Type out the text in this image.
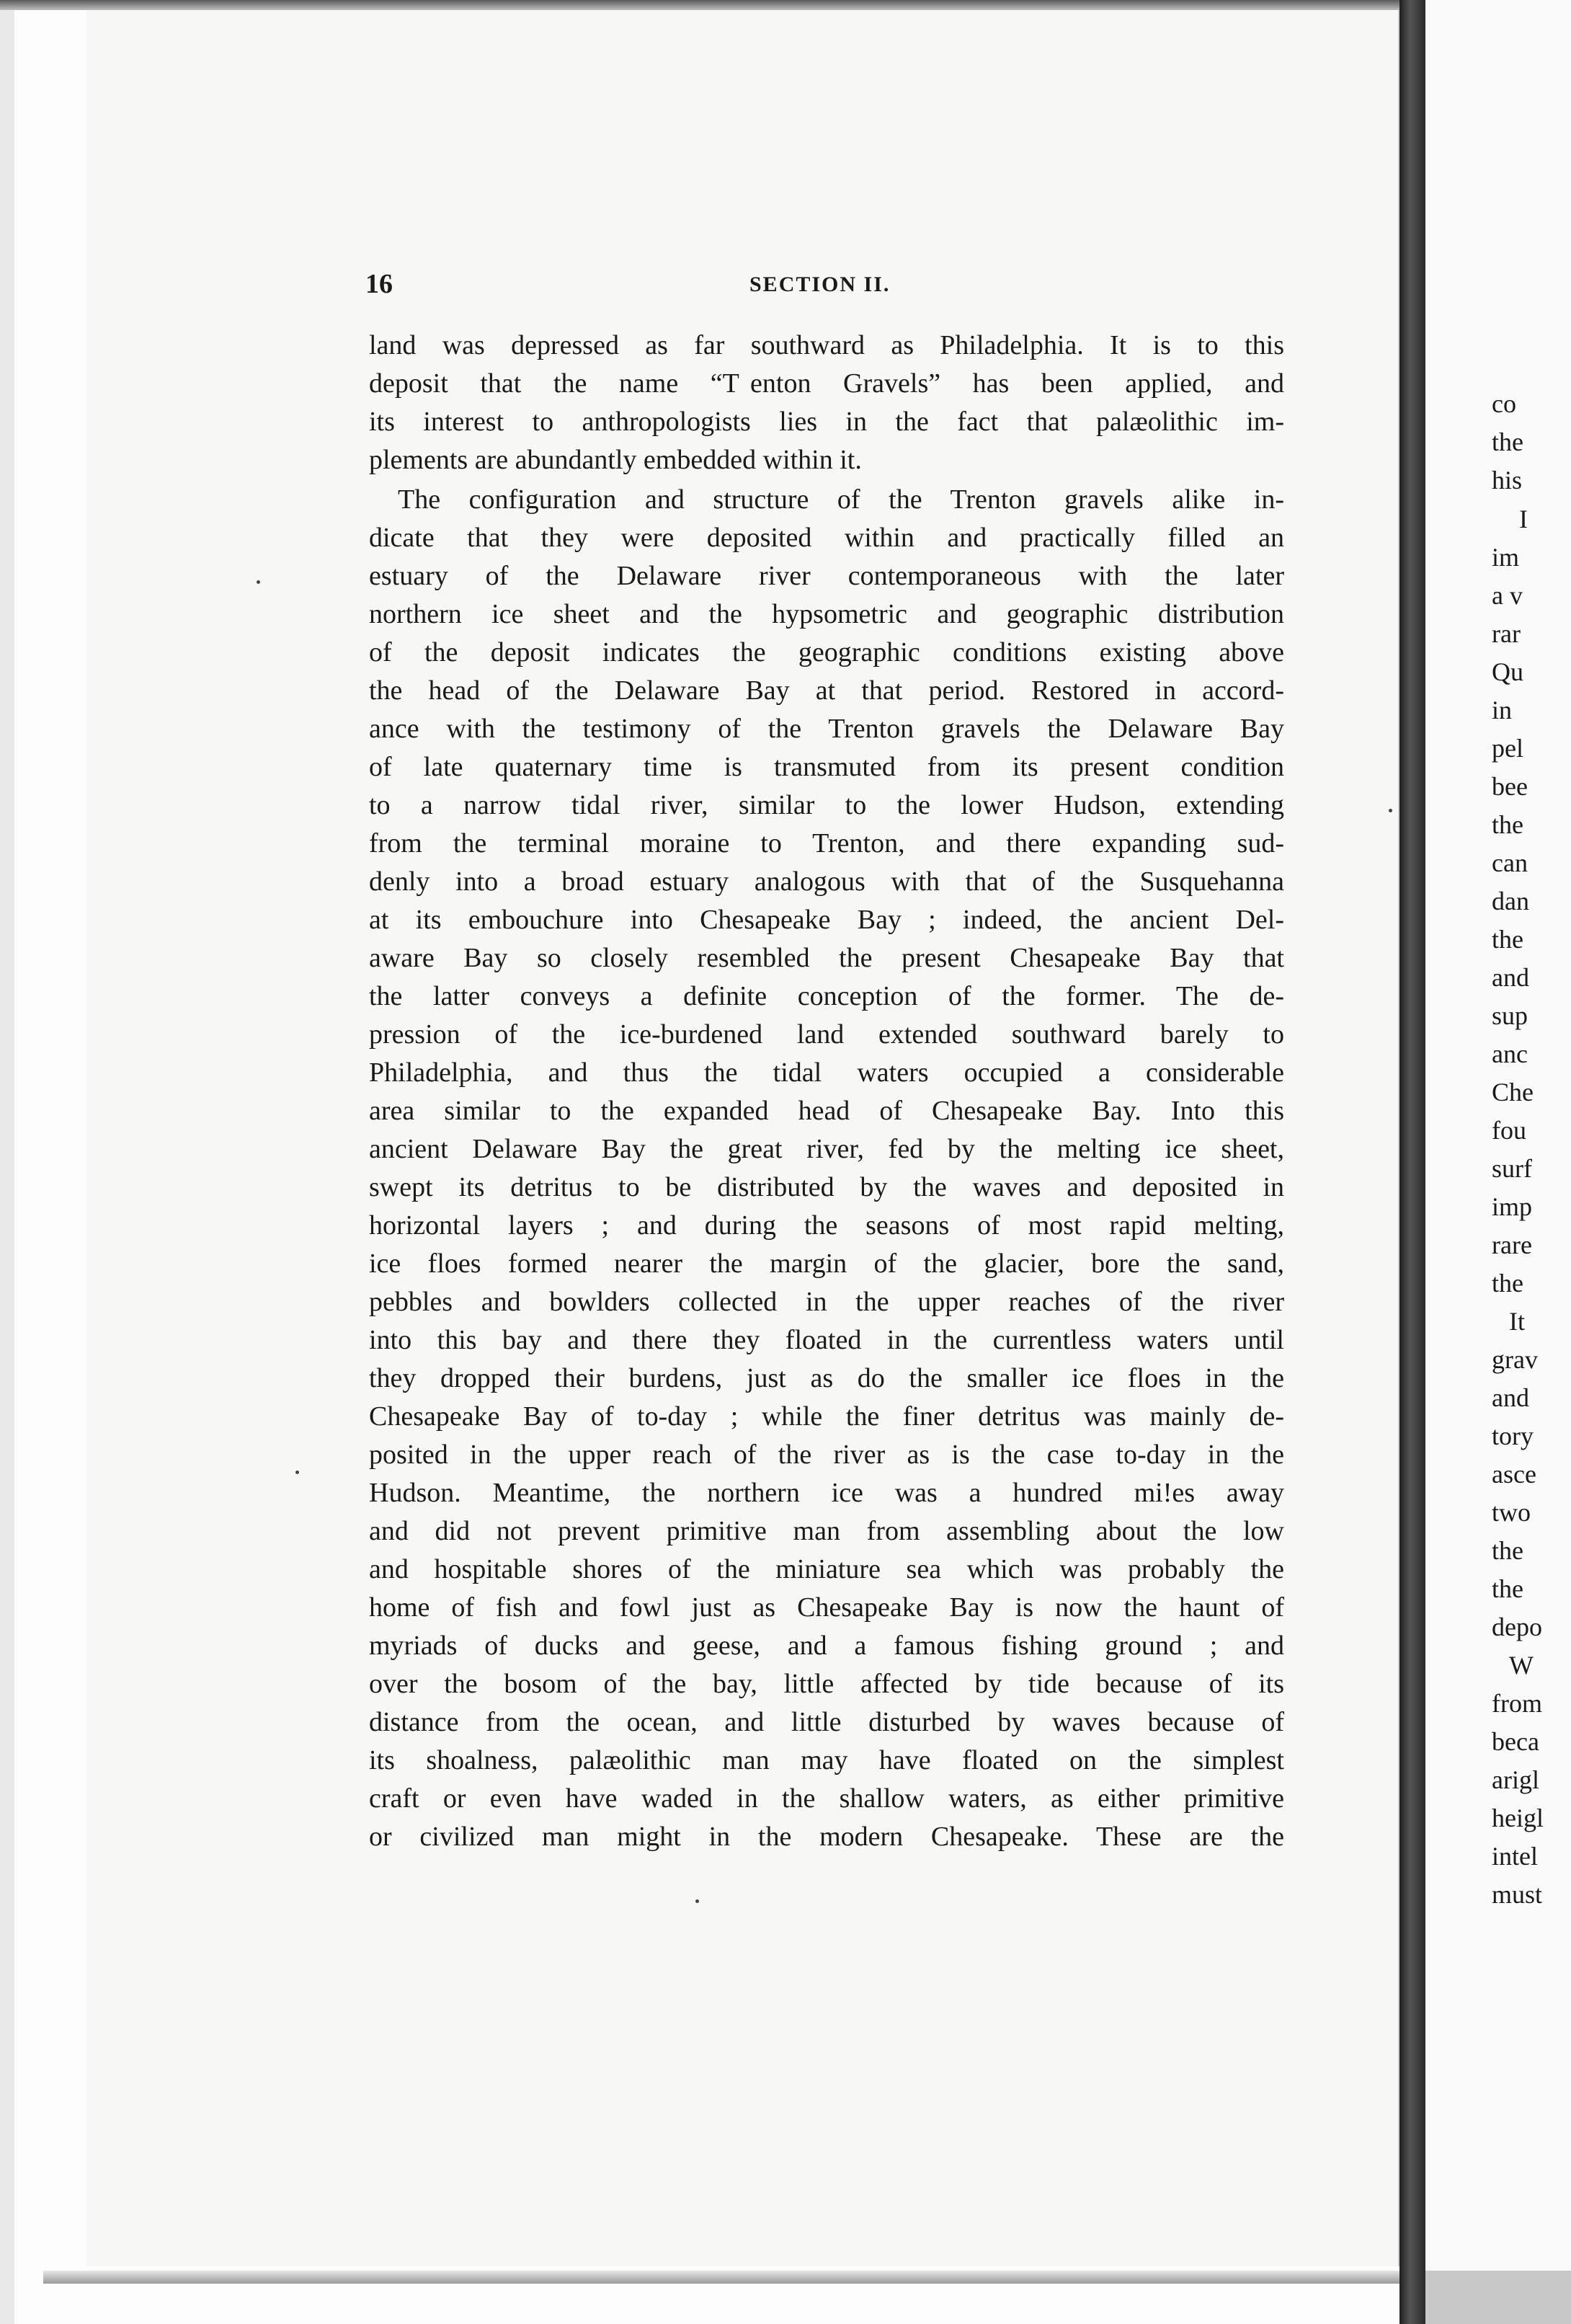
16	SECTION II.

land was depressed as far southward as Philadelphia. It is to this

deposit that the name “T  enton Gravels” has been applied, and

its interest to anthropologists lies in the fact that palæolithic im-

plements are abundantly embedded within it.

The configuration and structure of the Trenton gravels alike in-

dicate that they were deposited within and practically filled an

estuary of the Delaware river contemporaneous with the later

northern ice sheet and the hypsometric and geographic distribution

of the deposit indicates the geographic conditions existing above

the head of the Delaware Bay at that period. Restored in accord-

ance with the testimony of the Trenton gravels the Delaware Bay

of late quaternary time is transmuted from its present condition

to a narrow tidal river, similar to the lower Hudson, extending

from the terminal moraine to Trenton, and there expanding sud-

denly into a broad estuary analogous with that of the Susquehanna

at its embouchure into Chesapeake Bay ; indeed, the ancient Del-

aware Bay so closely resembled the present Chesapeake Bay that

the latter conveys a definite conception of the former. The de-

pression of the ice-burdened land extended southward barely to

Philadelphia, and thus the tidal waters occupied a considerable

area similar to the expanded head of Chesapeake Bay. Into this

ancient Delaware Bay the great river, fed by the melting ice sheet,

swept its detritus to be distributed by the waves and deposited in

horizontal layers ; and during the seasons of most rapid melting,

ice floes formed nearer the margin of the glacier, bore the sand,

pebbles and bowlders collected in the upper reaches of the river

into this bay and there they floated in the currentless waters until

they dropped their burdens, just as do the smaller ice floes in the

Chesapeake Bay of to-day ; while the finer detritus was mainly de-

posited in the upper reach of the river as is the case to-day in the

Hudson. Meantime, the northern ice was a hundred mi!es away

and did not prevent primitive man from assembling about the low

and hospitable shores of the miniature sea which was probably the

home of fish and fowl just as Chesapeake Bay is now the haunt of

myriads of ducks and geese, and a famous fishing ground ; and

over the bosom of the bay, little affected by tide because of its

distance from the ocean, and little disturbed by waves because of

its shoalness, palæolithic man may have floated on the simplest

craft or even have waded in the shallow waters, as either primitive

or civilized man might in the modern Chesapeake. These are the

co

the

his

I

im

a v

rar

Qu

in

pel

bee

the

can

dan

the

and

sup

anc

Che

fou

surf

imp

rare

the

It

grav

and

tory

asce

two

the

the

depo

W

from

beca

arigl

heigl

intel

must
